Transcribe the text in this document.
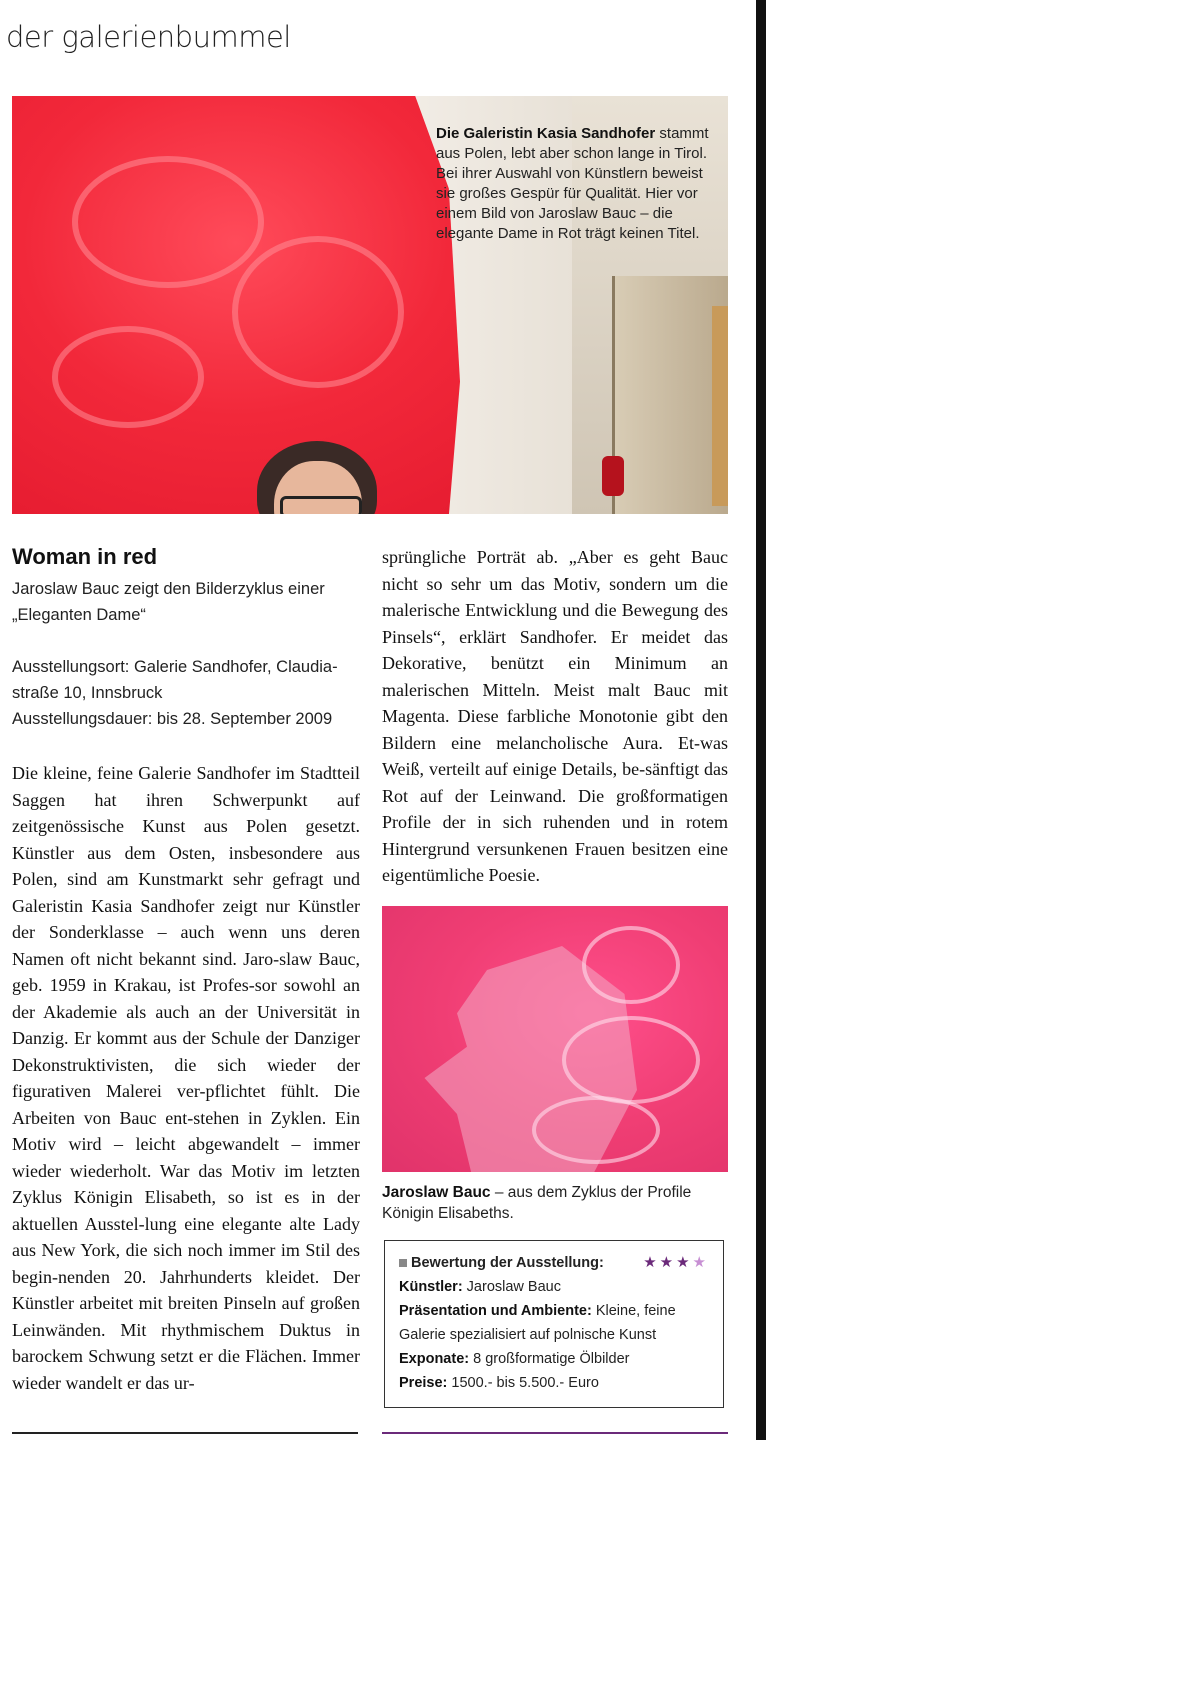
der galerienbummel
Die Galeristin Kasia Sandhofer stammt aus Polen, lebt aber schon lange in Tirol. Bei ihrer Auswahl von Künstlern beweist sie großes Gespür für Qualität. Hier vor einem Bild von Jaroslaw Bauc – die elegante Dame in Rot trägt keinen Titel.
Woman in red
Jaroslaw Bauc zeigt den Bilderzyklus einer „Eleganten Dame“
Ausstellungsort: Galerie Sandhofer, Claudia-straße 10, Innsbruck
Ausstellungsdauer: bis 28. September 2009
Die kleine, feine Galerie Sandhofer im Stadtteil Saggen hat ihren Schwerpunkt auf zeitgenössische Kunst aus Polen gesetzt. Künstler aus dem Osten, insbesondere aus Polen, sind am Kunstmarkt sehr gefragt und Galeristin Kasia Sandhofer zeigt nur Künstler der Sonderklasse – auch wenn uns deren Namen oft nicht bekannt sind. Jaro-slaw Bauc, geb. 1959 in Krakau, ist Profes-sor sowohl an der Akademie als auch an der Universität in Danzig. Er kommt aus der Schule der Danziger Dekonstruktivisten, die sich wieder der figurativen Malerei ver-pflichtet fühlt. Die Arbeiten von Bauc ent-stehen in Zyklen. Ein Motiv wird – leicht abgewandelt – immer wieder wiederholt. War das Motiv im letzten Zyklus Königin Elisabeth, so ist es in der aktuellen Ausstel-lung eine elegante alte Lady aus New York, die sich noch immer im Stil des begin-nenden 20. Jahrhunderts kleidet. Der Künstler arbeitet mit breiten Pinseln auf großen Leinwänden. Mit rhythmischem Duktus in barockem Schwung setzt er die Flächen. Immer wieder wandelt er das ur-
sprüngliche Porträt ab. „Aber es geht Bauc nicht so sehr um das Motiv, sondern um die malerische Entwicklung und die Bewegung des Pinsels“, erklärt Sandhofer. Er meidet das Dekorative, benützt ein Minimum an malerischen Mitteln. Meist malt Bauc mit Magenta. Diese farbliche Monotonie gibt den Bildern eine melancholische Aura. Et-was Weiß, verteilt auf einige Details, be-sänftigt das Rot auf der Leinwand. Die großformatigen Profile der in sich ruhenden und in rotem Hintergrund versunkenen Frauen besitzen eine eigentümliche Poesie.
Jaroslaw Bauc – aus dem Zyklus der Profile Königin Elisabeths.
Bewertung der Ausstellung:	★★★★
Künstler: Jaroslaw Bauc
Präsentation und Ambiente: Kleine, feine Galerie spezialisiert auf polnische Kunst
Exponate: 8 großformatige Ölbilder
Preise: 1500.- bis 5.500.- Euro
